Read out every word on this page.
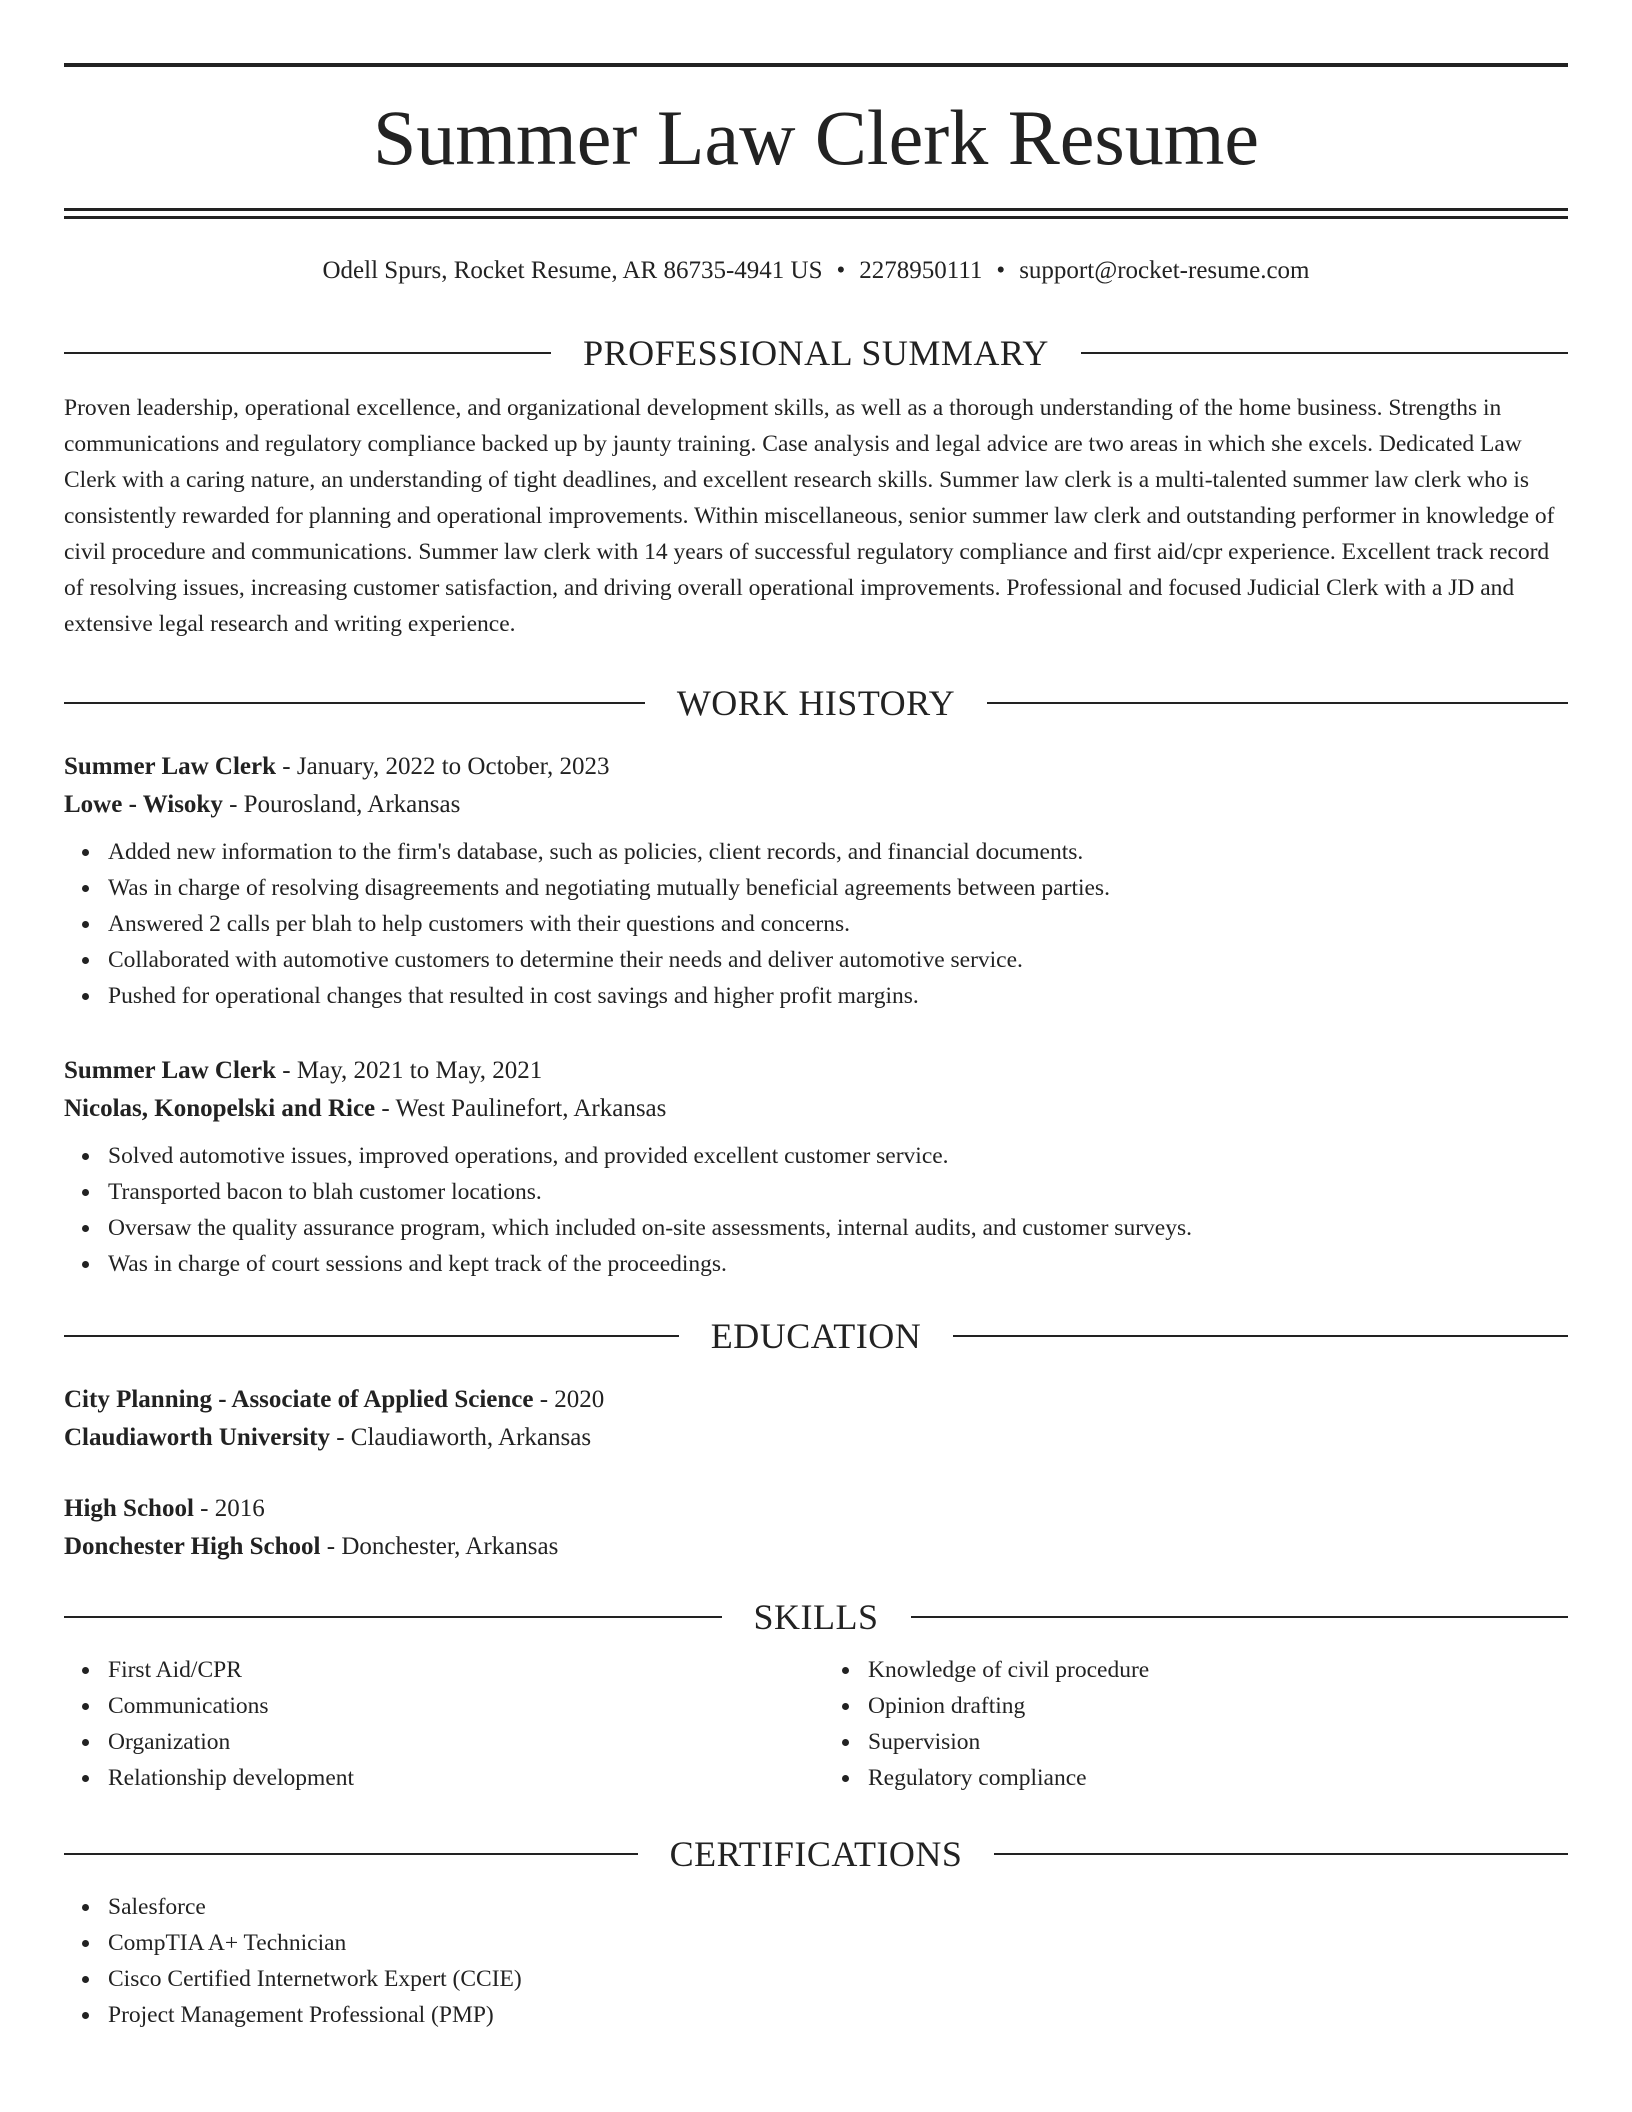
Summer Law Clerk Resume
Odell Spurs, Rocket Resume, AR 86735-4941 US • 2278950111 • support@rocket-resume.com
PROFESSIONAL SUMMARY

Proven leadership, operational excellence, and organizational development skills, as well as a thorough understanding of the home business. Strengths in communications and regulatory compliance backed up by jaunty training. Case analysis and legal advice are two areas in which she excels. Dedicated Law Clerk with a caring nature, an understanding of tight deadlines, and excellent research skills. Summer law clerk is a multi-talented summer law clerk who is consistently rewarded for planning and operational improvements. Within miscellaneous, senior summer law clerk and outstanding performer in knowledge of civil procedure and communications. Summer law clerk with 14 years of successful regulatory compliance and first aid/cpr experience. Excellent track record of resolving issues, increasing customer satisfaction, and driving overall operational improvements. Professional and focused Judicial Clerk with a JD and extensive legal research and writing experience.

WORK HISTORY
Summer Law Clerk - January, 2022 to October, 2023
Lowe - Wisoky - Pourosland, Arkansas
Added new information to the firm's database, such as policies, client records, and financial documents.
Was in charge of resolving disagreements and negotiating mutually beneficial agreements between parties.
Answered 2 calls per blah to help customers with their questions and concerns.
Collaborated with automotive customers to determine their needs and deliver automotive service.
Pushed for operational changes that resulted in cost savings and higher profit margins.
Summer Law Clerk - May, 2021 to May, 2021
Nicolas, Konopelski and Rice - West Paulinefort, Arkansas
Solved automotive issues, improved operations, and provided excellent customer service.
Transported bacon to blah customer locations.
Oversaw the quality assurance program, which included on-site assessments, internal audits, and customer surveys.
Was in charge of court sessions and kept track of the proceedings.
EDUCATION
City Planning - Associate of Applied Science - 2020
Claudiaworth University - Claudiaworth, Arkansas
High School - 2016
Donchester High School - Donchester, Arkansas
SKILLS
First Aid/CPR
Communications
Organization
Relationship development
Knowledge of civil procedure
Opinion drafting
Supervision
Regulatory compliance
CERTIFICATIONS
Salesforce
CompTIA A+ Technician
Cisco Certified Internetwork Expert (CCIE)
Project Management Professional (PMP)
